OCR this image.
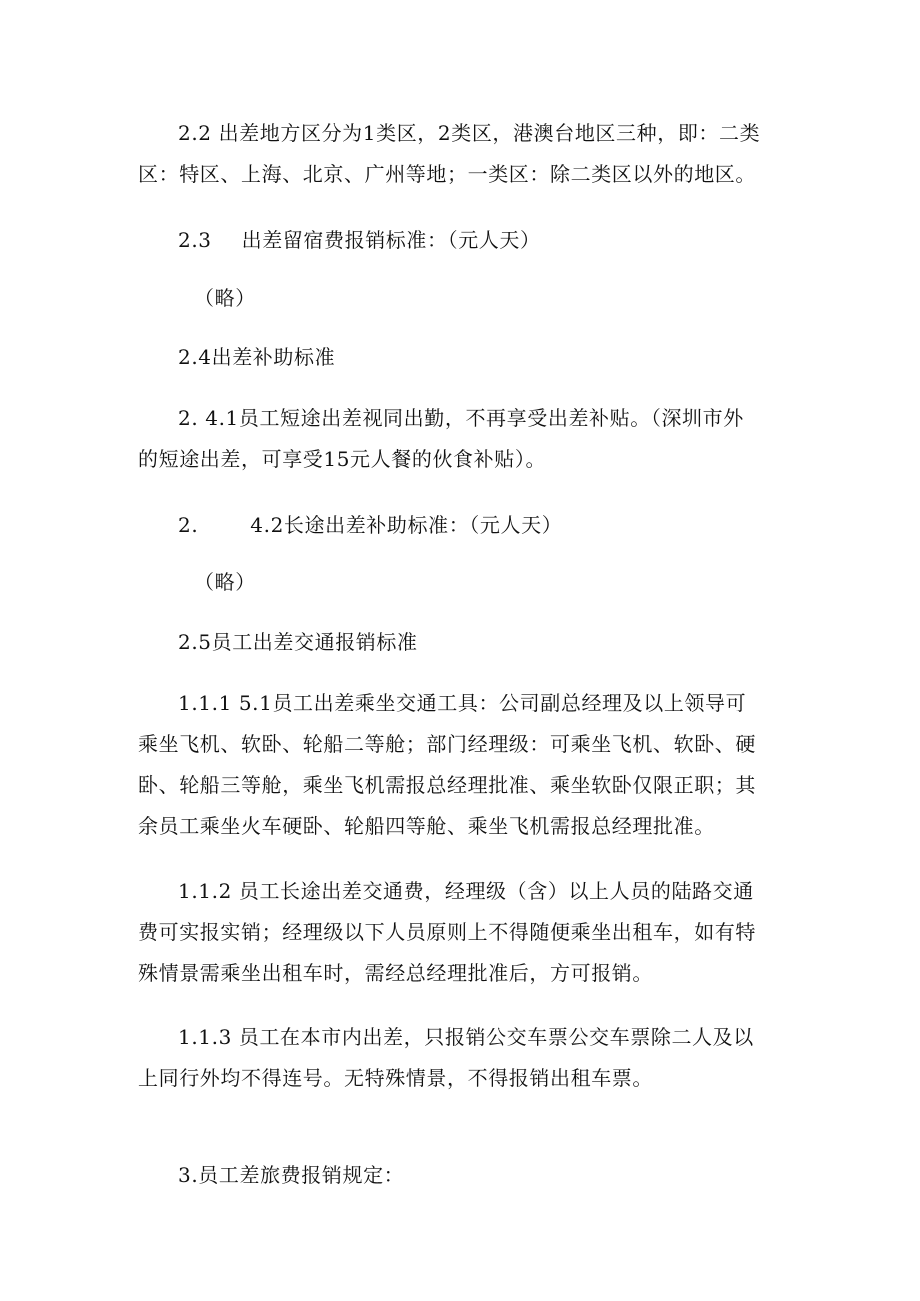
2.2 出差地方区分为1类区，2类区，港澳台地区三种，即：二类
区：特区、上海、北京、广州等地；一类区：除二类区以外的地区。
2.3 出差留宿费报销标准：（元人天）
（略）
2.4出差补助标准
2. 4.1员工短途出差视同出勤，不再享受出差补贴。（深圳市外
的短途出差，可享受15元人餐的伙食补贴）。
2.	4.2长途出差补助标准：（元人天）
（略）
2.5员工出差交通报销标准
1.1.1 5.1员工出差乘坐交通工具：公司副总经理及以上领导可
乘坐飞机、软卧、轮船二等舱；部门经理级：可乘坐飞机、软卧、硬
卧、轮船三等舱，乘坐飞机需报总经理批准、乘坐软卧仅限正职；其
余员工乘坐火车硬卧、轮船四等舱、乘坐飞机需报总经理批准。
1.1.2 员工长途出差交通费，经理级（含）以上人员的陆路交通
费可实报实销；经理级以下人员原则上不得随便乘坐出租车，如有特
殊情景需乘坐出租车时，需经总经理批准后，方可报销。
1.1.3 员工在本市内出差，只报销公交车票公交车票除二人及以
上同行外均不得连号。无特殊情景，不得报销出租车票。
3.员工差旅费报销规定：
